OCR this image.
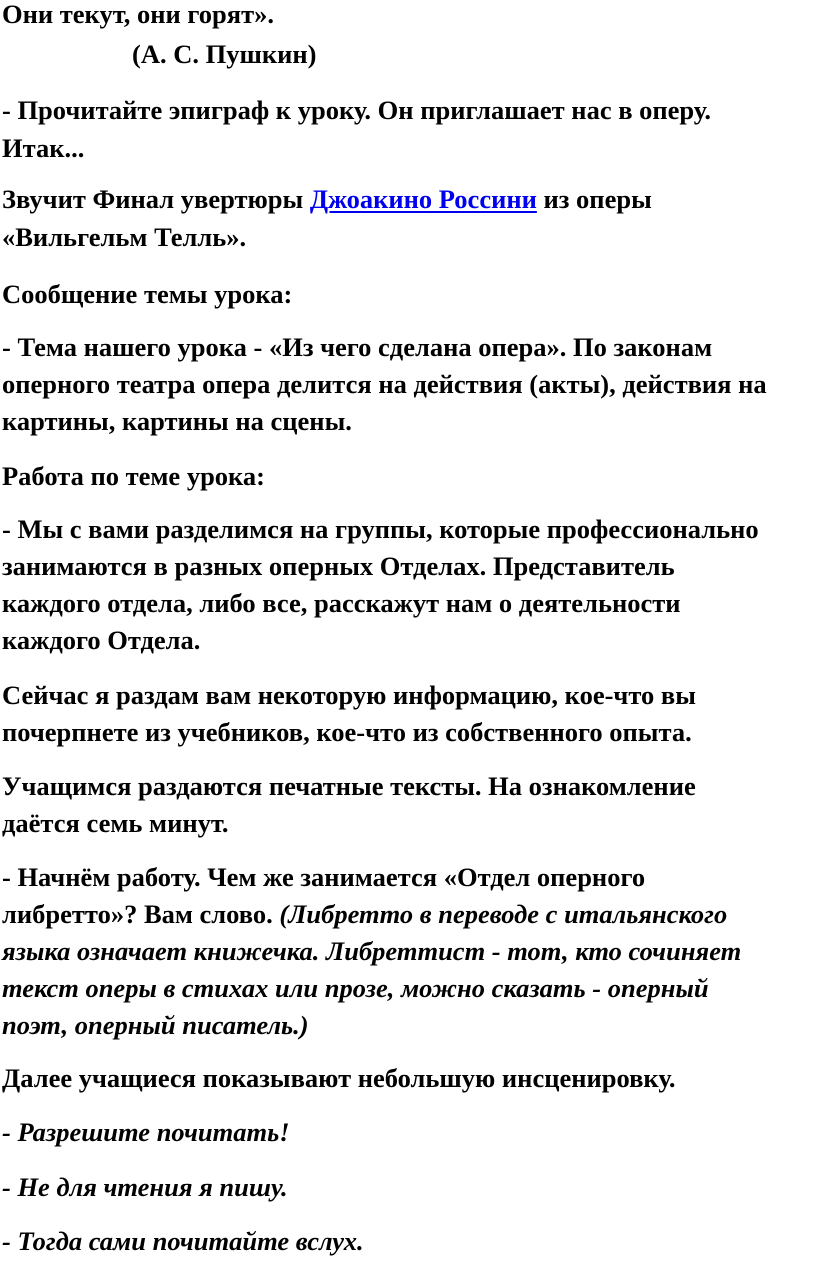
Они текут, они горят».
(А. С. Пушкин)
- Прочитайте эпиграф к уроку. Он приглашает нас в оперу.
Итак...
Звучит Финал увертюры Джоакино Россини из оперы
«Вильгельм Телль».
Сообщение темы урока:
- Тема нашего урока - «Из чего сделана опера». По законам
оперного театра опера делится на действия (акты), действия на
картины, картины на сцены.
Работа по теме урока:
- Мы с вами разделимся на группы, которые профессионально
занимаются в разных оперных Отделах. Представитель
каждого отдела, либо все, расскажут нам о деятельности
каждого Отдела.
Сейчас я раздам вам некоторую информацию, кое-что вы
почерпнете из учебников, кое-что из собственного опыта.
Учащимся раздаются печатные тексты. На ознакомление
даётся семь минут.
- Начнём работу. Чем же занимается «Отдел оперного
либретто»? Вам слово. (Либретто в переводе с итальянского
языка означает книжечка. Либреттист - тот, кто сочиняет
текст оперы в стихах или прозе, можно сказать - оперный
поэт, оперный писатель.)
Далее учащиеся показывают небольшую инсценировку.
- Разрешите почитать!
- Не для чтения я пишу.
- Тогда сами почитайте вслух.
